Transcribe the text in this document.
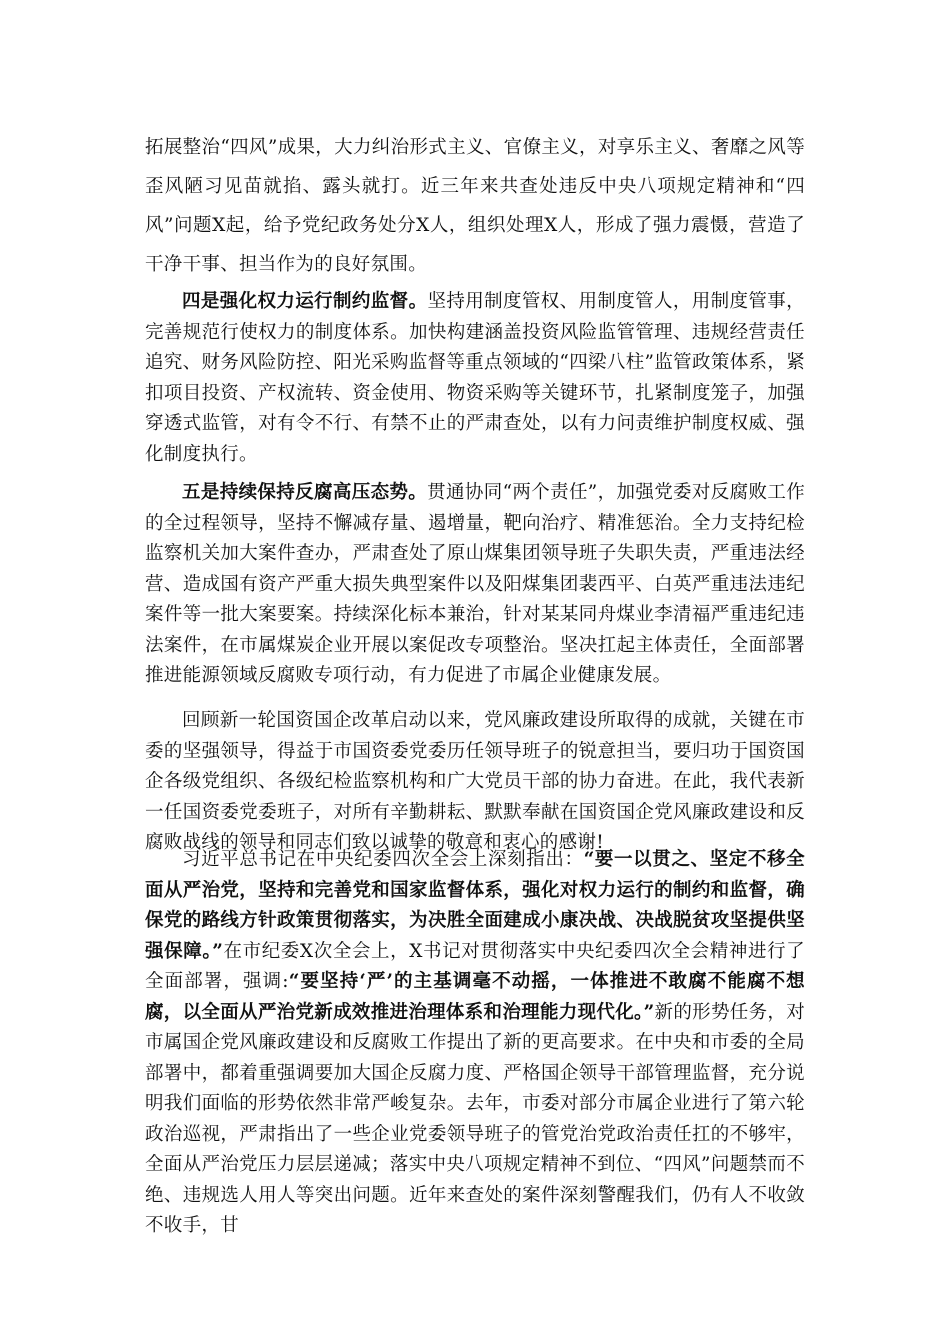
拓展整治“四风”成果，大力纠治形式主义、官僚主义，对享乐主义、奢靡之风等歪风陋习见苗就掐、露头就打。近三年来共查处违反中央八项规定精神和“四风”问题X起，给予党纪政务处分X人，组织处理X人，形成了强力震慑，营造了干净干事、担当作为的良好氛围。

四是强化权力运行制约监督。坚持用制度管权、用制度管人，用制度管事，完善规范行使权力的制度体系。加快构建涵盖投资风险监管管理、违规经营责任追究、财务风险防控、阳光采购监督等重点领域的“四梁八柱”监管政策体系，紧扣项目投资、产权流转、资金使用、物资采购等关键环节，扎紧制度笼子，加强穿透式监管，对有令不行、有禁不止的严肃查处，以有力问责维护制度权威、强化制度执行。

五是持续保持反腐高压态势。贯通协同“两个责任”，加强党委对反腐败工作的全过程领导，坚持不懈减存量、遏增量，靶向治疗、精准惩治。全力支持纪检监察机关加大案件查办，严肃查处了原山煤集团领导班子失职失责，严重违法经营、造成国有资产严重大损失典型案件以及阳煤集团裴西平、白英严重违法违纪案件等一批大案要案。持续深化标本兼治，针对某某同舟煤业李清福严重违纪违法案件，在市属煤炭企业开展以案促改专项整治。坚决扛起主体责任，全面部署推进能源领域反腐败专项行动，有力促进了市属企业健康发展。

回顾新一轮国资国企改革启动以来，党风廉政建设所取得的成就，关键在市委的坚强领导，得益于市国资委党委历任领导班子的锐意担当，要归功于国资国企各级党组织、各级纪检监察机构和广大党员干部的协力奋进。在此，我代表新一任国资委党委班子，对所有辛勤耕耘、默默奉献在国资国企党风廉政建设和反腐败战线的领导和同志们致以诚挚的敬意和衷心的感谢!

习近平总书记在中央纪委四次全会上深刻指出：“要一以贯之、坚定不移全面从严治党，坚持和完善党和国家监督体系，强化对权力运行的制约和监督，确保党的路线方针政策贯彻落实，为决胜全面建成小康决战、决战脱贫攻坚提供坚强保障。”在市纪委X次全会上，X书记对贯彻落实中央纪委四次全会精神进行了全面部署，强调:“要坚持‘严’的主基调毫不动摇，一体推进不敢腐不能腐不想腐，以全面从严治党新成效推进治理体系和治理能力现代化。”新的形势任务，对市属国企党风廉政建设和反腐败工作提出了新的更高要求。在中央和市委的全局部署中，都着重强调要加大国企反腐力度、严格国企领导干部管理监督，充分说明我们面临的形势依然非常严峻复杂。去年，市委对部分市属企业进行了第六轮政治巡视，严肃指出了一些企业党委领导班子的管党治党政治责任扛的不够牢，全面从严治党压力层层递减；落实中央八项规定精神不到位、“四风”问题禁而不绝、违规选人用人等突出问题。近年来查处的案件深刻警醒我们，仍有人不收敛不收手，甘
